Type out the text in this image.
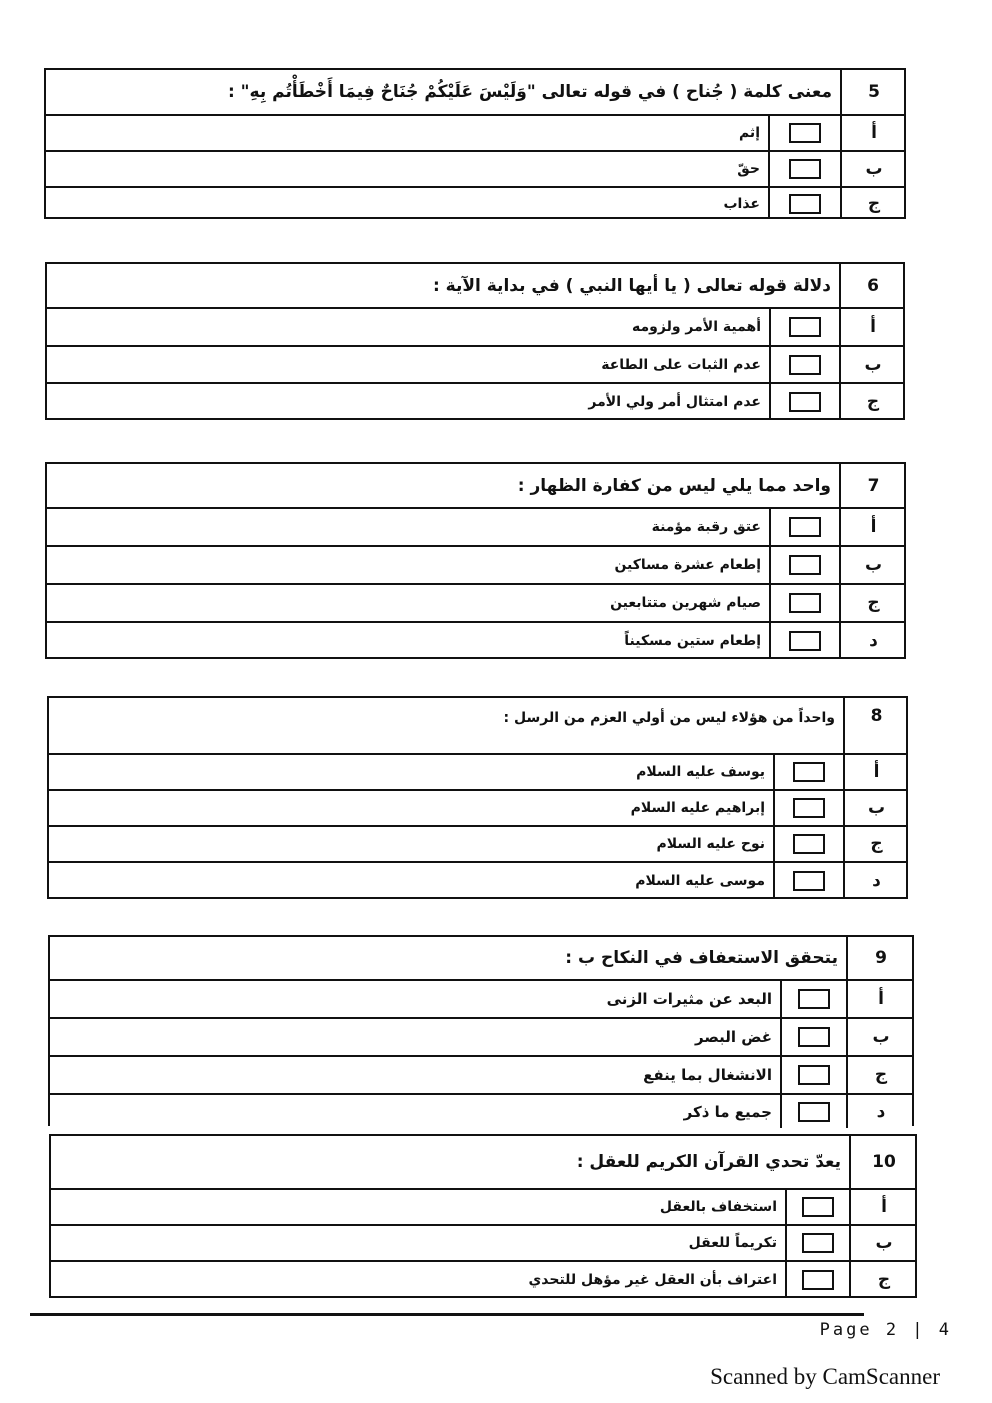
5
معنى كلمة ( جُناح ) في قوله تعالى "وَلَيْسَ عَلَيْكُمْ جُنَاحٌ فِيمَا أَخْطَأْتُم بِهِ" :
أ
إثم
ب
حقّ
ج
عذاب
6
دلالة قوله تعالى ( يا أيها النبي ) في بداية الآية :
أ
أهمية الأمر ولزومه
ب
عدم الثبات على الطاعة
ج
عدم امتثال أمر ولي الأمر
7
واحد مما يلي ليس من كفارة الظهار :
أ
عتق رقبة مؤمنة
ب
إطعام عشرة مساكين
ج
صيام شهرين متتابعين
د
إطعام ستين مسكيناً
8
واحداً من هؤلاء ليس من أولي العزم من الرسل :
أ
يوسف عليه السلام
ب
إبراهيم عليه السلام
ج
نوح عليه السلام
د
موسى عليه السلام
9
يتحقق الاستعفاف في النكاح ب :
أ
البعد عن مثيرات الزنى
ب
غض البصر
ج
الانشغال بما ينفع
د
جميع ما ذكر
10
يعدّ تحدي القرآن الكريم للعقل :
أ
استخفاف بالعقل
ب
تكريماً للعقل
ج
اعتراف بأن العقل غير مؤهل للتحدي
Page 2 | 4
Scanned by CamScanner
